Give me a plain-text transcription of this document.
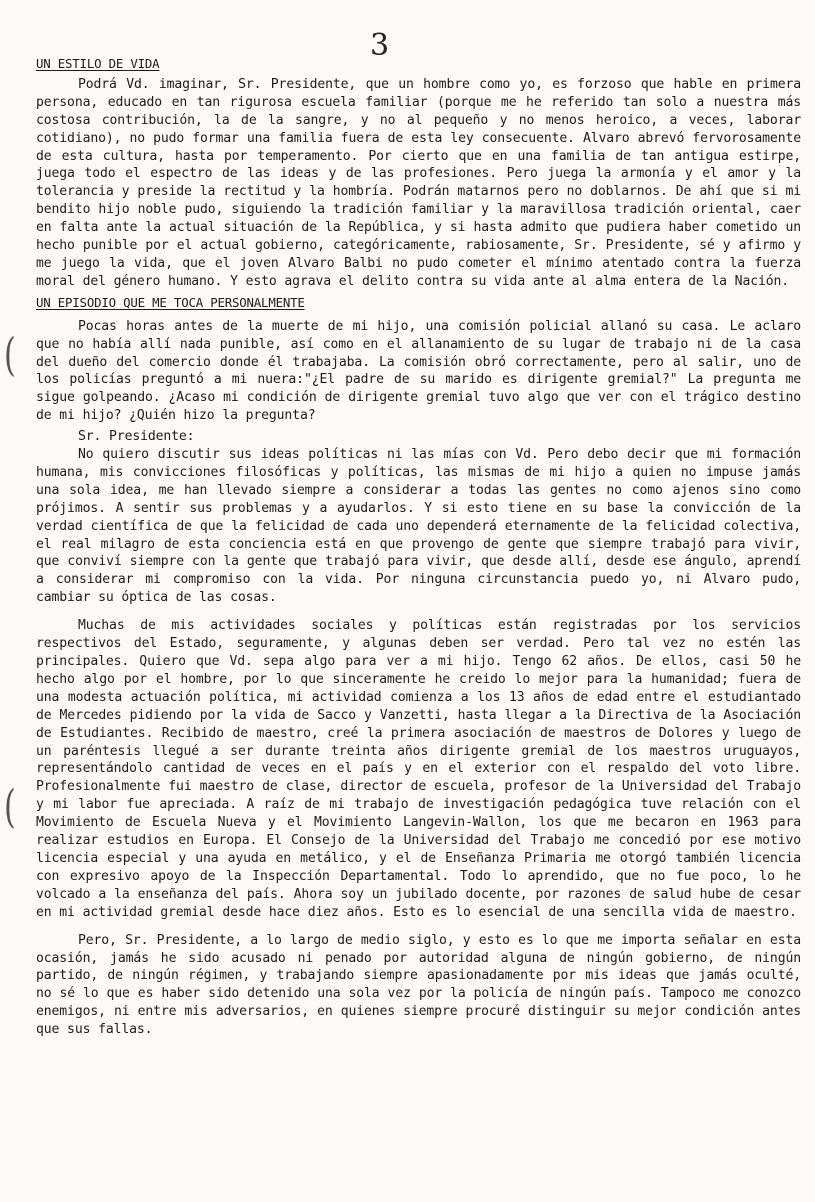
3
(
(
UN ESTILO DE VIDA

Podrá Vd. imaginar, Sr. Presidente, que un hombre como yo, es forzoso que hable en primera persona, educado en tan rigurosa escuela familiar (porque me he referido tan solo a nuestra más costosa contribución, la de la sangre, y no al pequeño y no menos heroico, a veces, laborar cotidiano), no pudo formar una familia fuera de esta ley consecuente. Alvaro abrevó fervorosamente de esta cultura, hasta por temperamento. Por cierto que en una familia de tan antigua estirpe, juega todo el espectro de las ideas y de las profesiones. Pero juega la armonía y el amor y la tolerancia y preside la rectitud y la hombría. Podrán matarnos pero no doblarnos. De ahí que si mi bendito hijo noble pudo, siguiendo la tradición familiar y la maravillosa tradición oriental, caer en falta ante la actual situación de la República, y si hasta admito que pudiera haber cometido un hecho punible por el actual gobierno, categóricamente, rabiosamente, Sr. Presidente, sé y afirmo y me juego la vida, que el joven Alvaro Balbi no pudo cometer el mínimo atentado contra la fuerza moral del género humano. Y esto agrava el delito contra su vida ante al alma entera de la Nación.

UN EPISODIO QUE ME TOCA PERSONALMENTE

Pocas horas antes de la muerte de mi hijo, una comisión policial allanó su casa. Le aclaro que no había allí nada punible, así como en el allanamiento de su lugar de trabajo ni de la casa del dueño del comercio donde él trabajaba. La comisión obró correctamente, pero al salir, uno de los policías preguntó a mi nuera:"¿El padre de su marido es dirigente gremial?" La pregunta me sigue golpeando. ¿Acaso mi condición de dirigente gremial tuvo algo que ver con el trágico destino de mi hijo? ¿Quién hizo la pregunta?

Sr. Presidente:

No quiero discutir sus ideas políticas ni las mías con Vd. Pero debo decir que mi formación humana, mis convicciones filosóficas y políticas, las mismas de mi hijo a quien no impuse jamás una sola idea, me han llevado siempre a considerar a todas las gentes no como ajenos sino como prójimos. A sentir sus problemas y a ayudarlos. Y si esto tiene en su base la convicción de la verdad científica de que la felicidad de cada uno dependerá eternamente de la felicidad colectiva, el real milagro de esta conciencia está en que provengo de gente que siempre trabajó para vivir, que conviví siempre con la gente que trabajó para vivir, que desde allí, desde ese ángulo, aprendí a considerar mi compromiso con la vida. Por ninguna circunstancia puedo yo, ni Alvaro pudo, cambiar su óptica de las cosas.

Muchas de mis actividades sociales y políticas están registradas por los servicios respectivos del Estado, seguramente, y algunas deben ser verdad. Pero tal vez no estén las principales. Quiero que Vd. sepa algo para ver a mi hijo. Tengo 62 años. De ellos, casi 50 he hecho algo por el hombre, por lo que sinceramente he creido lo mejor para la humanidad; fuera de una modesta actuación política, mi actividad comienza a los 13 años de edad entre el estudiantado de Mercedes pidiendo por la vida de Sacco y Vanzetti, hasta llegar a la Directiva de la Asociación de Estudiantes. Recibido de maestro, creé la primera asociación de maestros de Dolores y luego de un paréntesis llegué a ser durante treinta años dirigente gremial de los maestros uruguayos, representándolo cantidad de veces en el país y en el exterior con el respaldo del voto libre. Profesionalmente fui maestro de clase, director de escuela, profesor de la Universidad del Trabajo y mi labor fue apreciada. A raíz de mi trabajo de investigación pedagógica tuve relación con el Movimiento de Escuela Nueva y el Movimiento Langevin-Wallon, los que me becaron en 1963 para realizar estudios en Europa. El Consejo de la Universidad del Trabajo me concedió por ese motivo licencia especial y una ayuda en metálico, y el de Enseñanza Primaria me otorgó también licencia con expresivo apoyo de la Inspección Departamental. Todo lo aprendido, que no fue poco, lo he volcado a la enseñanza del país. Ahora soy un jubilado docente, por razones de salud hube de cesar en mi actividad gremial desde hace diez años. Esto es lo esencial de una sencilla vida de maestro.

Pero, Sr. Presidente, a lo largo de medio siglo, y esto es lo que me importa señalar en esta ocasión, jamás he sido acusado ni penado por autoridad alguna de ningún gobierno, de ningún partido, de ningún régimen, y trabajando siempre apasionadamente por mis ideas que jamás oculté, no sé lo que es haber sido detenido una sola vez por la policía de ningún país. Tampoco me conozco enemigos, ni entre mis adversarios, en quienes siempre procuré distinguir su mejor condición antes que sus fallas.
